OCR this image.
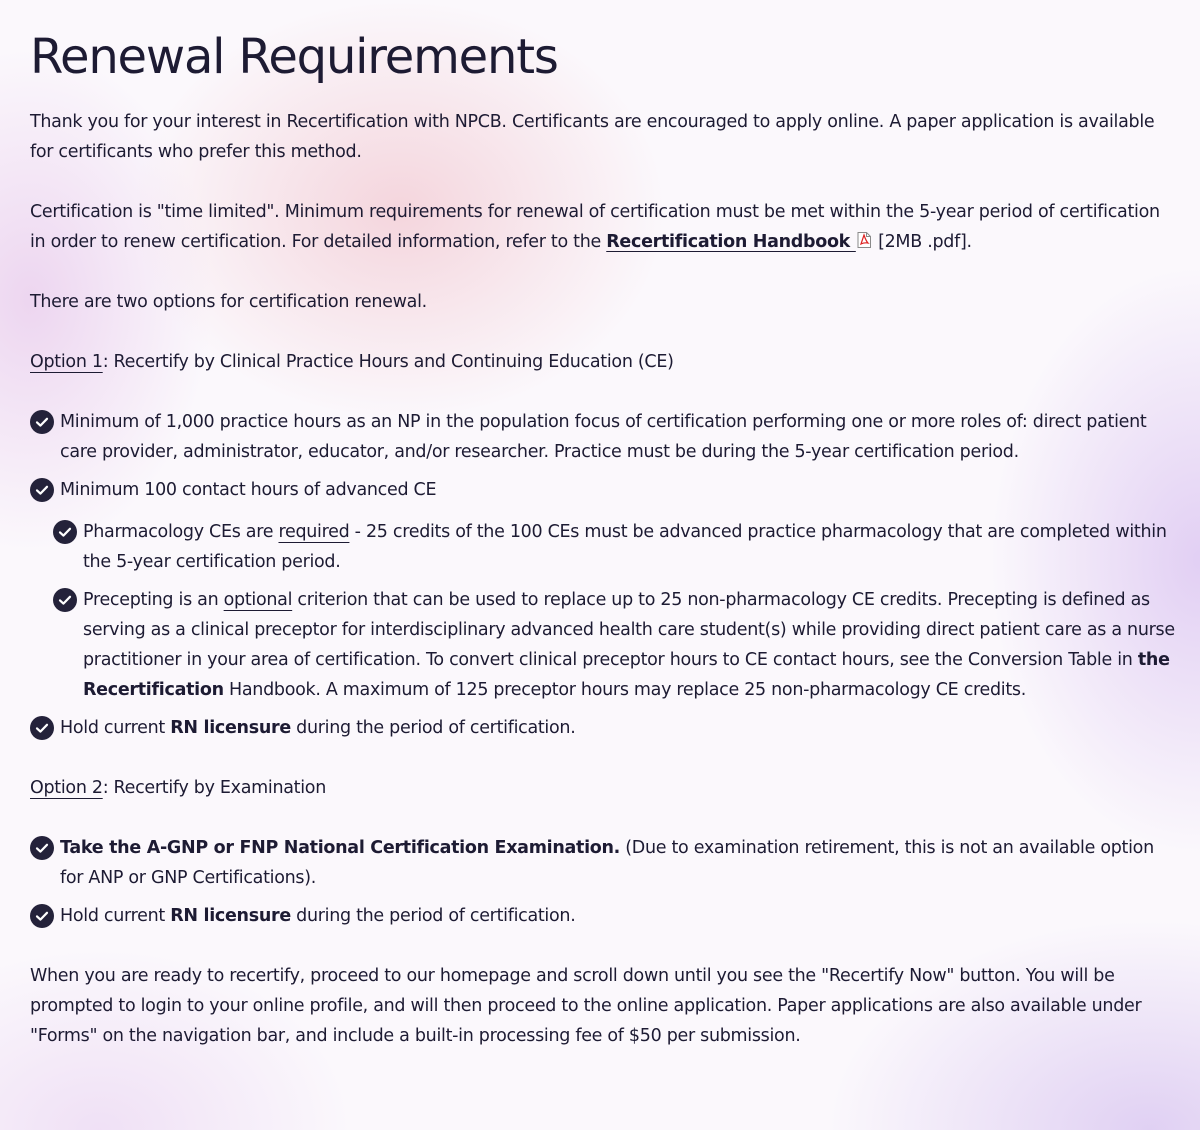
Renewal Requirements

Thank you for your interest in Recertification with NPCB. Certificants are encouraged to apply online. A paper application is available for certificants who prefer this method.

Certification is "time limited". Minimum requirements for renewal of certification must be met within the 5-year period of certification in order to renew certification. For detailed information, refer to the Recertification Handbook  [2MB .pdf].

There are two options for certification renewal.

Option 1: Recertify by Clinical Practice Hours and Continuing Education (CE)

Minimum of 1,000 practice hours as an NP in the population focus of certification performing one or more roles of: direct patient care provider, administrator, educator, and/or researcher. Practice must be during the 5-year certification period.
Minimum 100 contact hours of advanced CE
Pharmacology CEs are required - 25 credits of the 100 CEs must be advanced practice pharmacology that are completed within the 5-year certification period.
Precepting is an optional criterion that can be used to replace up to 25 non-pharmacology CE credits. Precepting is defined as serving as a clinical preceptor for interdisciplinary advanced health care student(s) while providing direct patient care as a nurse practitioner in your area of certification. To convert clinical preceptor hours to CE contact hours, see the Conversion Table in the Recertification Handbook. A maximum of 125 preceptor hours may replace 25 non-pharmacology CE credits.
Hold current RN licensure during the period of certification.

Option 2: Recertify by Examination

Take the A-GNP or FNP National Certification Examination. (Due to examination retirement, this is not an available option for ANP or GNP Certifications).
Hold current RN licensure during the period of certification.

When you are ready to recertify, proceed to our homepage and scroll down until you see the "Recertify Now" button. You will be prompted to login to your online profile, and will then proceed to the online application. Paper applications are also available under "Forms" on the navigation bar, and include a built-in processing fee of $50 per submission.
